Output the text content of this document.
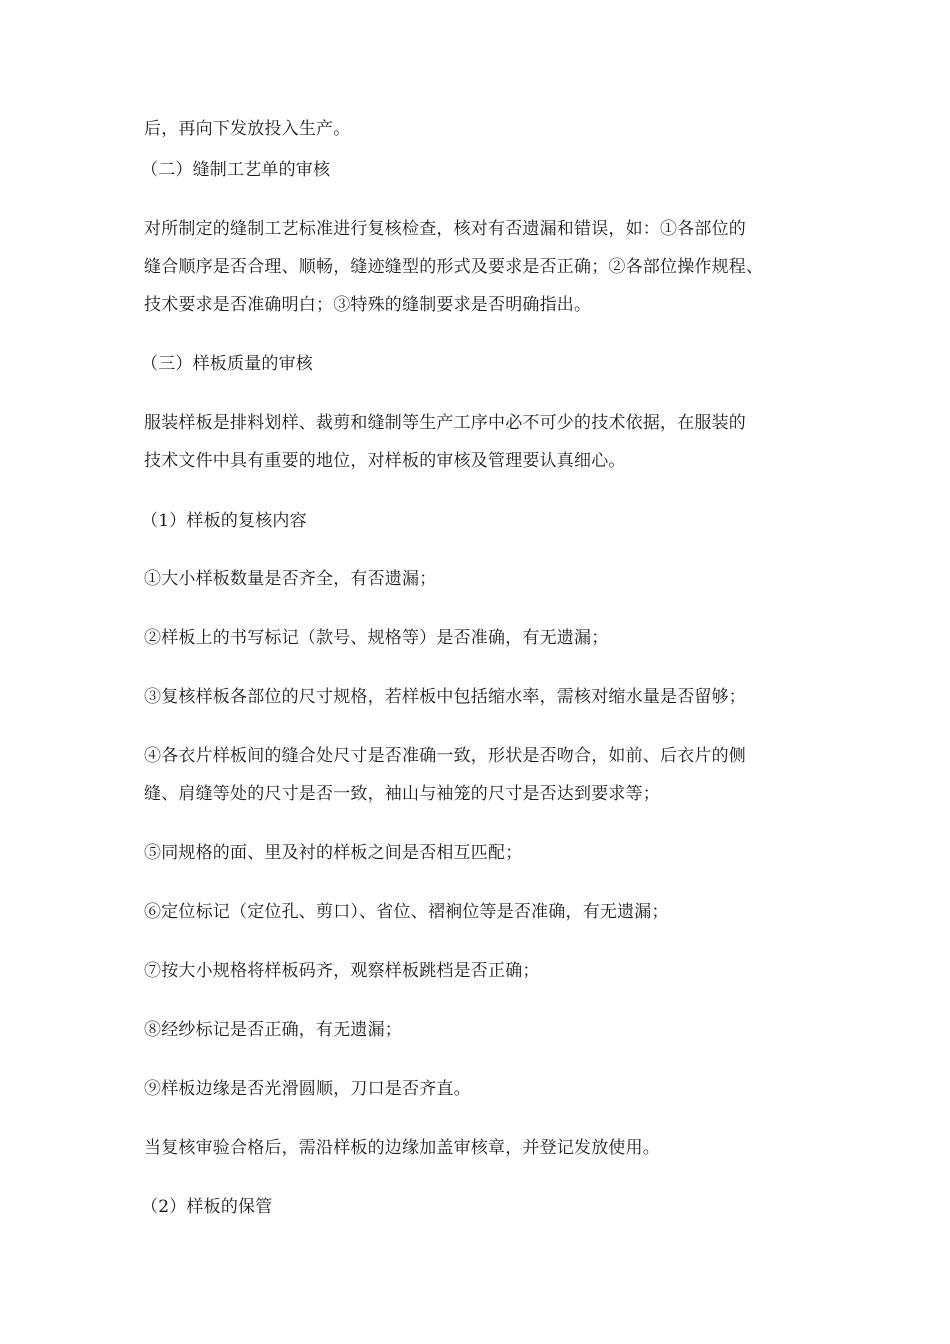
后，再向下发放投入生产。
（二）缝制工艺单的审核
对所制定的缝制工艺标准进行复核检查，核对有否遗漏和错误，如：①各部位的
缝合顺序是否合理、顺畅，缝迹缝型的形式及要求是否正确；②各部位操作规程、
技术要求是否准确明白；③特殊的缝制要求是否明确指出。
（三）样板质量的审核
服装样板是排料划样、裁剪和缝制等生产工序中必不可少的技术依据，在服装的
技术文件中具有重要的地位，对样板的审核及管理要认真细心。
（1）样板的复核内容
①大小样板数量是否齐全，有否遗漏；
②样板上的书写标记（款号、规格等）是否准确，有无遗漏；
③复核样板各部位的尺寸规格，若样板中包括缩水率，需核对缩水量是否留够；
④各衣片样板间的缝合处尺寸是否准确一致，形状是否吻合，如前、后衣片的侧
缝、肩缝等处的尺寸是否一致，袖山与袖笼的尺寸是否达到要求等；
⑤同规格的面、里及衬的样板之间是否相互匹配；
⑥定位标记（定位孔、剪口）、省位、褶裥位等是否准确，有无遗漏；
⑦按大小规格将样板码齐，观察样板跳档是否正确；
⑧经纱标记是否正确，有无遗漏；
⑨样板边缘是否光滑圆顺，刀口是否齐直。
当复核审验合格后，需沿样板的边缘加盖审核章，并登记发放使用。
（2）样板的保管
